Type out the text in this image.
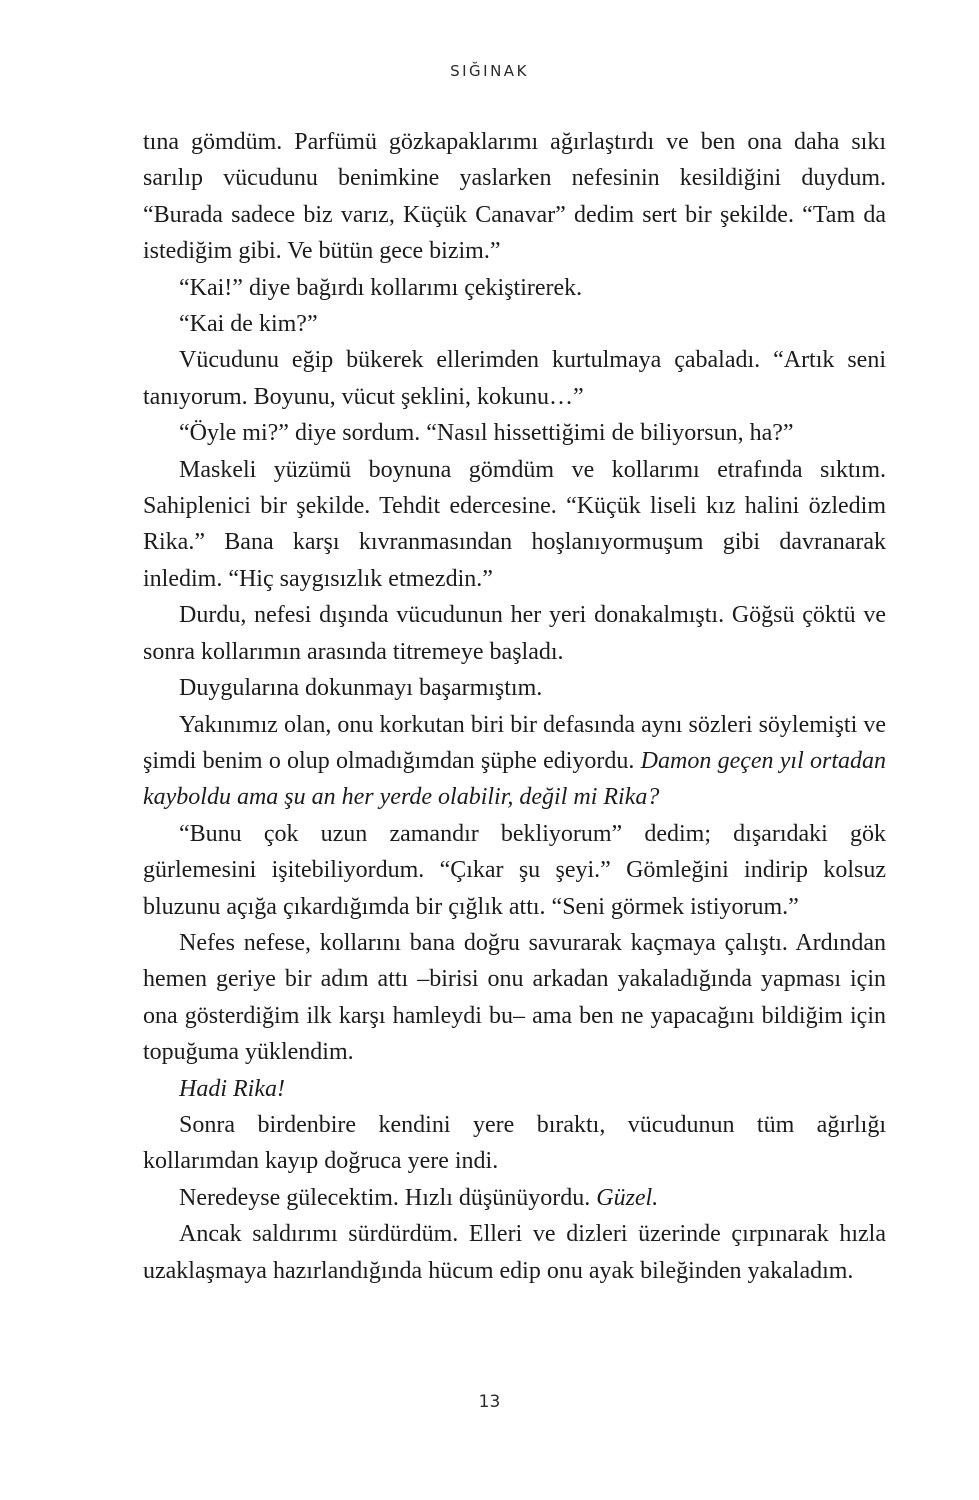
SIĞINAK

tına gömdüm. Parfümü gözkapaklarımı ağırlaştırdı ve ben ona daha sıkı sarılıp vücudunu benimkine yaslarken nefesinin kesildiğini duydum. “Burada sadece biz varız, Küçük Canavar” dedim sert bir şekilde. “Tam da istediğim gibi. Ve bütün gece bizim.”

“Kai!” diye bağırdı kollarımı çekiştirerek.

“Kai de kim?”

Vücudunu eğip bükerek ellerimden kurtulmaya çabaladı. “Artık seni tanıyorum. Boyunu, vücut şeklini, kokunu…”

“Öyle mi?” diye sordum. “Nasıl hissettiğimi de biliyorsun, ha?”

Maskeli yüzümü boynuna gömdüm ve kollarımı etrafında sıktım. Sahiplenici bir şekilde. Tehdit edercesine. “Küçük liseli kız halini özledim Rika.” Bana karşı kıvranmasından hoşlanıyormuşum gibi davranarak inledim. “Hiç saygısızlık etmezdin.”

Durdu, nefesi dışında vücudunun her yeri donakalmıştı. Göğsü çöktü ve sonra kollarımın arasında titremeye başladı.

Duygularına dokunmayı başarmıştım.

Yakınımız olan, onu korkutan biri bir defasında aynı sözleri söylemişti ve şimdi benim o olup olmadığımdan şüphe ediyordu. Damon geçen yıl ortadan kayboldu ama şu an her yerde olabilir, değil mi Rika?

“Bunu çok uzun zamandır bekliyorum” dedim; dışarıdaki gök gürlemesini işitebiliyordum. “Çıkar şu şeyi.” Gömleğini indirip kolsuz bluzunu açığa çıkardığımda bir çığlık attı. “Seni görmek istiyorum.”

Nefes nefese, kollarını bana doğru savurarak kaçmaya çalıştı. Ardından hemen geriye bir adım attı –birisi onu arkadan yakaladığında yapması için ona gösterdiğim ilk karşı hamleydi bu– ama ben ne yapacağını bildiğim için topuğuma yüklendim.

Hadi Rika!

Sonra birdenbire kendini yere bıraktı, vücudunun tüm ağırlığı kollarımdan kayıp doğruca yere indi.

Neredeyse gülecektim. Hızlı düşünüyordu. Güzel.

Ancak saldırımı sürdürdüm. Elleri ve dizleri üzerinde çırpınarak hızla uzaklaşmaya hazırlandığında hücum edip onu ayak bileğinden yakaladım.

13
